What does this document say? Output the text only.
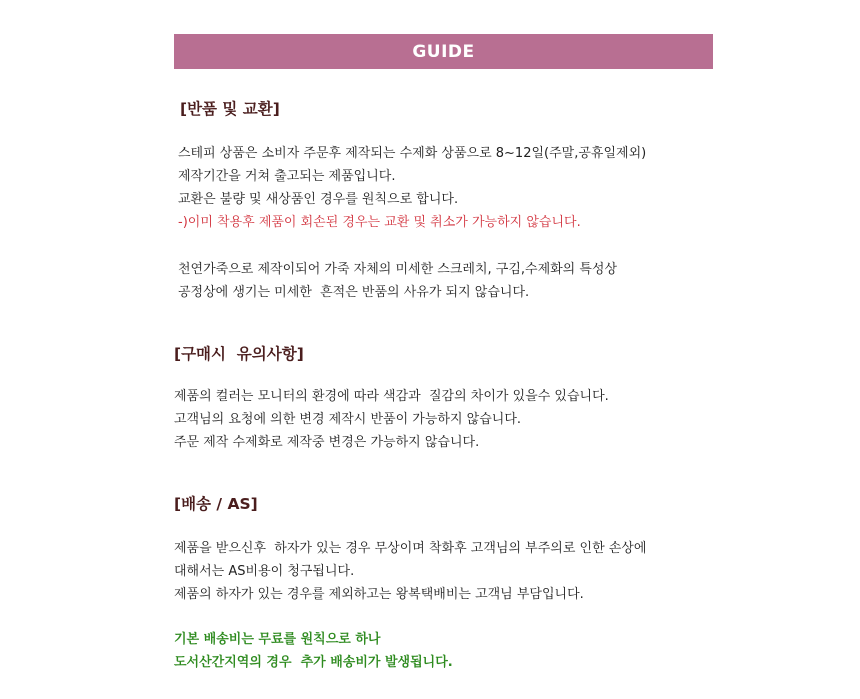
GUIDE
[반품 및 교환]
스테피 상품은 소비자 주문후 제작되는 수제화 상품으로 8~12일(주말,공휴일제외)
제작기간을 거쳐 출고되는 제품입니다.
교환은 불량 및 새상품인 경우를 원칙으로 합니다.
-)이미 착용후 제품이 회손된 경우는 교환 및 취소가 가능하지 않습니다.
천연가죽으로 제작이되어 가죽 자체의 미세한 스크레치, 구김,수제화의 특성상
공정상에 생기는 미세한  흔적은 반품의 사유가 되지 않습니다.
[구매시  유의사항]
제품의 컬러는 모니터의 환경에 따라 색감과  질감의 차이가 있을수 있습니다.
고객님의 요청에 의한 변경 제작시 반품이 가능하지 않습니다.
주문 제작 수제화로 제작중 변경은 가능하지 않습니다.
[배송 / AS]
제품을 받으신후  하자가 있는 경우 무상이며 착화후 고객님의 부주의로 인한 손상에
대해서는 AS비용이 청구됩니다.
제품의 하자가 있는 경우를 제외하고는 왕복택배비는 고객님 부담입니다.
기본 배송비는 무료를 원칙으로 하나
도서산간지역의 경우  추가 배송비가 발생됩니다.
